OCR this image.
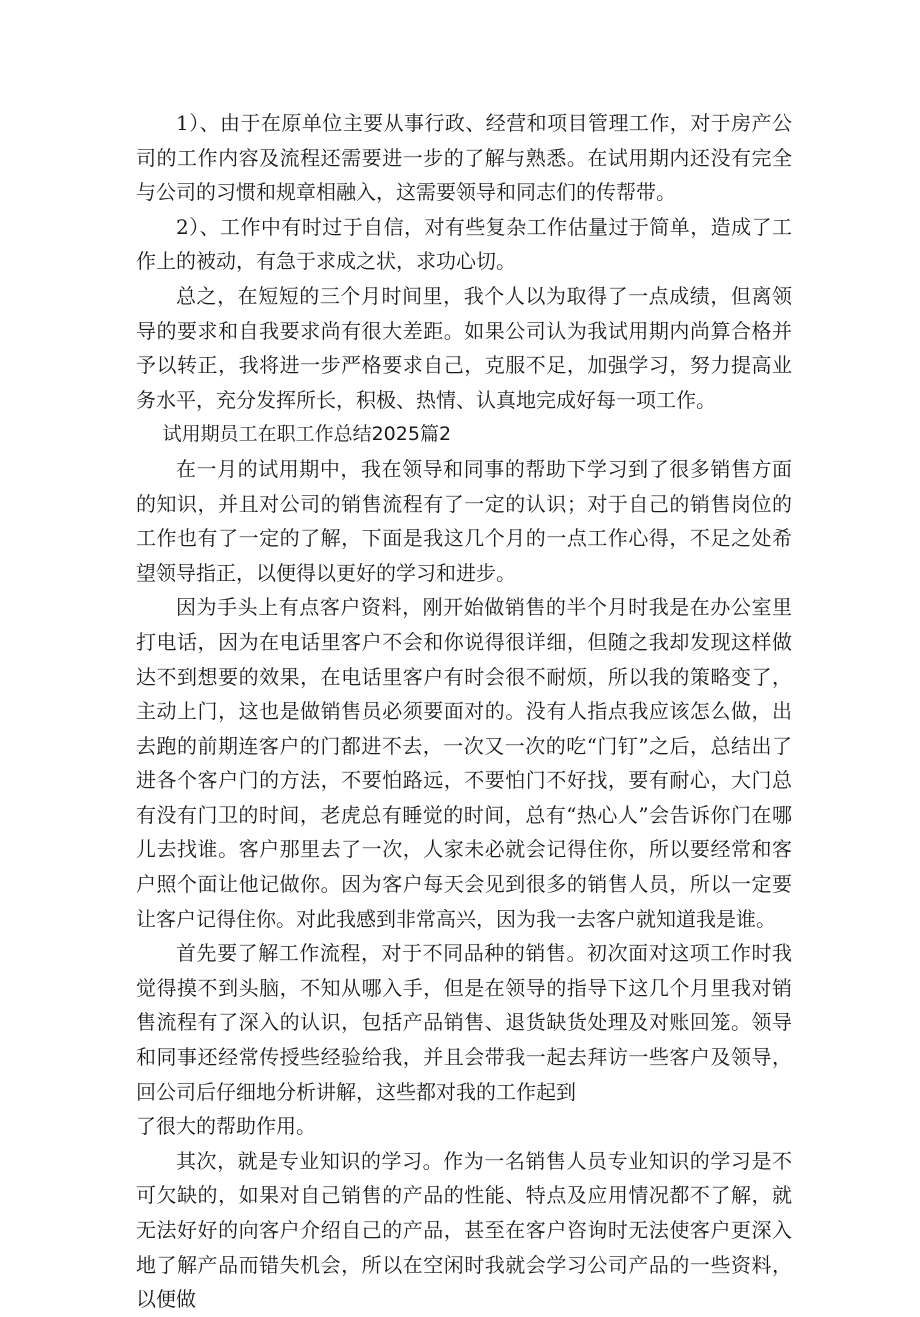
1）、由于在原单位主要从事行政、经营和项目管理工作，对于房产公司的工作内容及流程还需要进一步的了解与熟悉。在试用期内还没有完全与公司的习惯和规章相融入，这需要领导和同志们的传帮带。

2）、工作中有时过于自信，对有些复杂工作估量过于简单，造成了工作上的被动，有急于求成之状，求功心切。

总之，在短短的三个月时间里，我个人以为取得了一点成绩，但离领导的要求和自我要求尚有很大差距。如果公司认为我试用期内尚算合格并予以转正，我将进一步严格要求自己，克服不足，加强学习，努力提高业务水平，充分发挥所长，积极、热情、认真地完成好每一项工作。

试用期员工在职工作总结2025篇2

在一月的试用期中，我在领导和同事的帮助下学习到了很多销售方面的知识，并且对公司的销售流程有了一定的认识；对于自己的销售岗位的工作也有了一定的了解，下面是我这几个月的一点工作心得，不足之处希望领导指正，以便得以更好的学习和进步。

因为手头上有点客户资料，刚开始做销售的半个月时我是在办公室里打电话，因为在电话里客户不会和你说得很详细，但随之我却发现这样做达不到想要的效果，在电话里客户有时会很不耐烦，所以我的策略变了，主动上门，这也是做销售员必须要面对的。没有人指点我应该怎么做，出去跑的前期连客户的门都进不去，一次又一次的吃“门钉”之后，总结出了进各个客户门的方法，不要怕路远，不要怕门不好找，要有耐心，大门总有没有门卫的时间，老虎总有睡觉的时间，总有“热心人”会告诉你门在哪儿去找谁。客户那里去了一次，人家未必就会记得住你，所以要经常和客户照个面让他记做你。因为客户每天会见到很多的销售人员，所以一定要让客户记得住你。对此我感到非常高兴，因为我一去客户就知道我是谁。

首先要了解工作流程，对于不同品种的销售。初次面对这项工作时我觉得摸不到头脑，不知从哪入手，但是在领导的指导下这几个月里我对销售流程有了深入的认识，包括产品销售、退货缺货处理及对账回笼。领导和同事还经常传授些经验给我，并且会带我一起去拜访一些客户及领导，回公司后仔细地分析讲解，这些都对我的工作起到

了很大的帮助作用。

其次，就是专业知识的学习。作为一名销售人员专业知识的学习是不可欠缺的，如果对自己销售的产品的性能、特点及应用情况都不了解，就无法好好的向客户介绍自己的产品，甚至在客户咨询时无法使客户更深入地了解产品而错失机会，所以在空闲时我就会学习公司产品的一些资料，以便做
